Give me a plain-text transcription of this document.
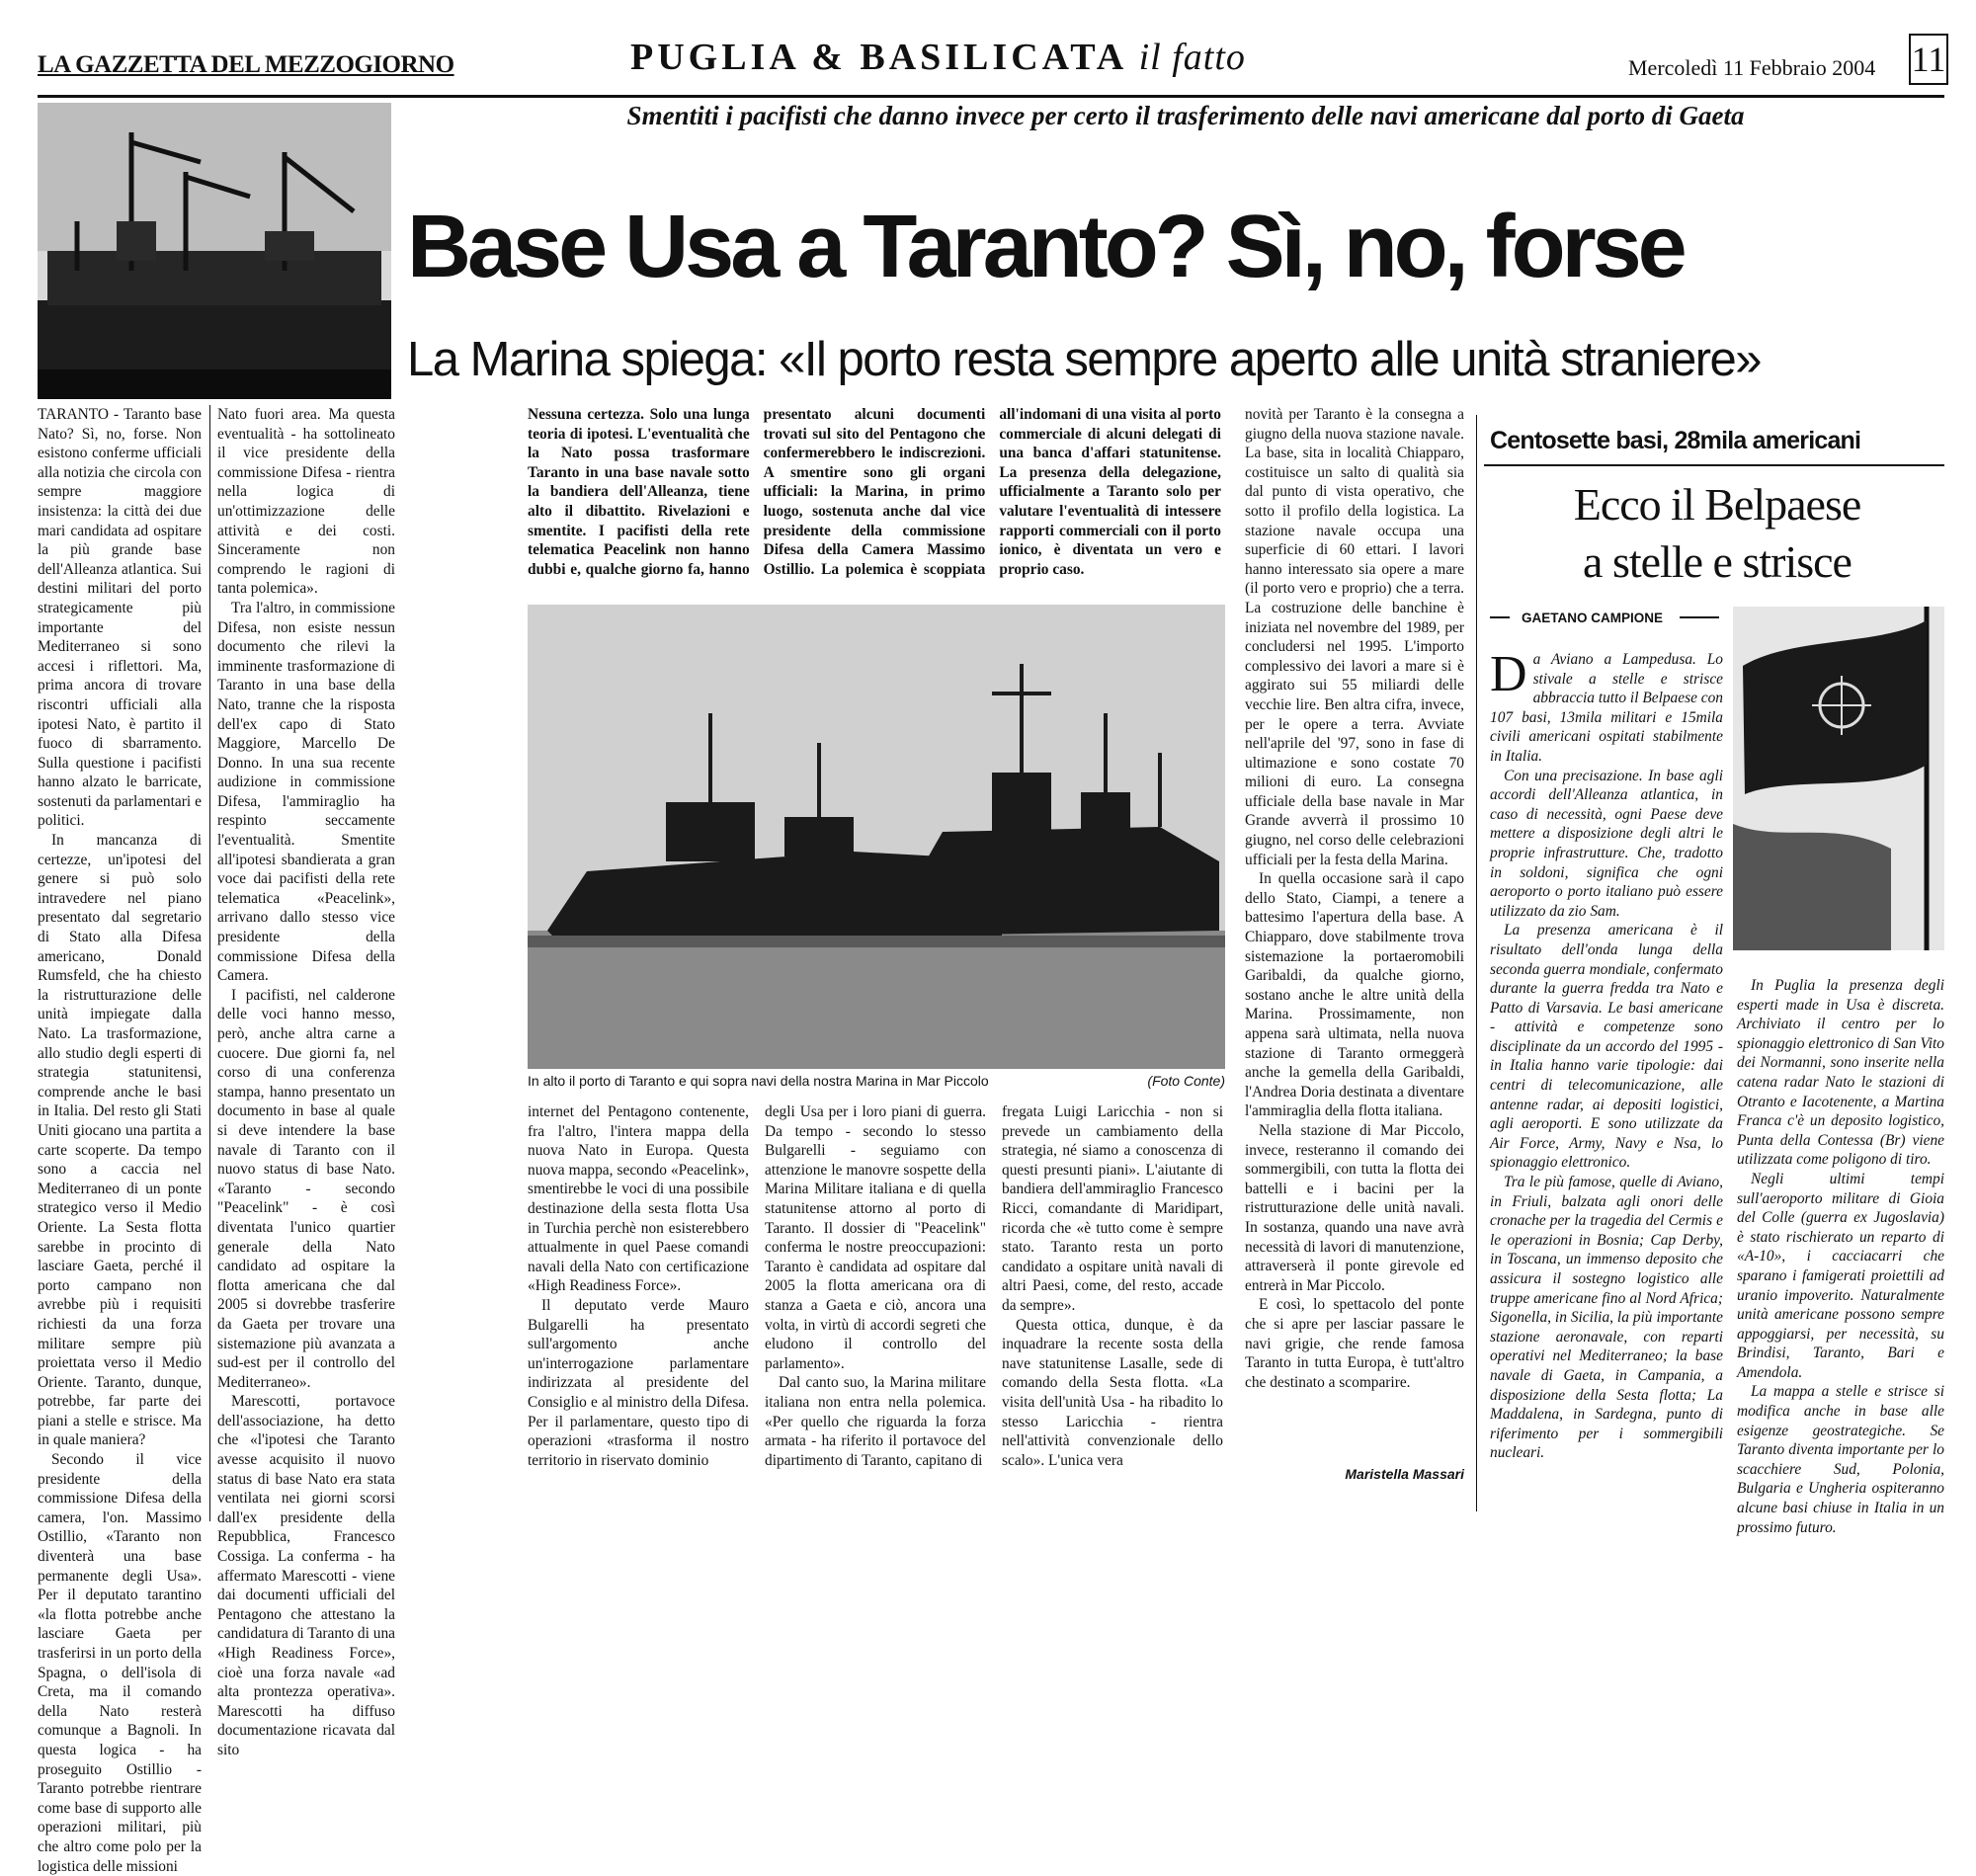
LA GAZZETTA DEL MEZZOGIORNO	PUGLIA & BASILICATA il fatto	Mercoledì 11 Febbraio 2004 11
Smentiti i pacifisti che danno invece per certo il trasferimento delle navi americane dal porto di Gaeta
Base Usa a Taranto? Sì, no, forse
La Marina spiega: «Il porto resta sempre aperto alle unità straniere»

TARANTO - Taranto base Nato? Sì, no, forse. Non esistono conferme ufficiali alla notizia che circola con sempre maggiore insistenza: la città dei due mari candidata ad ospitare la più grande base dell'Alleanza atlantica. Sui destini militari del porto strategicamente più importante del Mediterraneo si sono accesi i riflettori. Ma, prima ancora di trovare riscontri ufficiali alla ipotesi Nato, è partito il fuoco di sbarramento. Sulla questione i pacifisti hanno alzato le barricate, sostenuti da parlamentari e politici.

In mancanza di certezze, un'ipotesi del genere si può solo intravedere nel piano presentato dal segretario di Stato alla Difesa americano, Donald Rumsfeld, che ha chiesto la ristrutturazione delle unità impiegate dalla Nato. La trasformazione, allo studio degli esperti di strategia statunitensi, comprende anche le basi in Italia. Del resto gli Stati Uniti giocano una partita a carte scoperte. Da tempo sono a caccia nel Mediterraneo di un ponte strategico verso il Medio Oriente. La Sesta flotta sarebbe in procinto di lasciare Gaeta, perché il porto campano non avrebbe più i requisiti richiesti da una forza militare sempre più proiettata verso il Medio Oriente. Taranto, dunque, potrebbe, far parte dei piani a stelle e strisce. Ma in quale maniera?

Secondo il vice presidente della commissione Difesa della camera, l'on. Massimo Ostillio, «Taranto non diventerà una base permanente degli Usa». Per il deputato tarantino «la flotta potrebbe anche lasciare Gaeta per trasferirsi in un porto della Spagna, o dell'isola di Creta, ma il comando della Nato resterà comunque a Bagnoli. In questa logica - ha proseguito Ostillio - Taranto potrebbe rientrare come base di supporto alle operazioni militari, più che altro come polo per la logistica delle missioni

Nato fuori area. Ma questa eventualità - ha sottolineato il vice presidente della commissione Difesa - rientra nella logica di un'ottimizzazione delle attività e dei costi. Sinceramente non comprendo le ragioni di tanta polemica».

Tra l'altro, in commissione Difesa, non esiste nessun documento che rilevi la imminente trasformazione di Taranto in una base della Nato, tranne che la risposta dell'ex capo di Stato Maggiore, Marcello De Donno. In una sua recente audizione in commissione Difesa, l'ammiraglio ha respinto seccamente l'eventualità. Smentite all'ipotesi sbandierata a gran voce dai pacifisti della rete telematica «Peacelink», arrivano dallo stesso vice presidente della commissione Difesa della Camera.

I pacifisti, nel calderone delle voci hanno messo, però, anche altra carne a cuocere. Due giorni fa, nel corso di una conferenza stampa, hanno presentato un documento in base al quale si deve intendere la base navale di Taranto con il nuovo status di base Nato. «Taranto - secondo "Peacelink" - è così diventata l'unico quartier generale della Nato candidato ad ospitare la flotta americana che dal 2005 si dovrebbe trasferire da Gaeta per trovare una sistemazione più avanzata a sud-est per il controllo del Mediterraneo».

Marescotti, portavoce dell'associazione, ha detto che «l'ipotesi che Taranto avesse acquisito il nuovo status di base Nato era stata ventilata nei giorni scorsi dall'ex presidente della Repubblica, Francesco Cossiga. La conferma - ha affermato Marescotti - viene dai documenti ufficiali del Pentagono che attestano la candidatura di Taranto di una «High Readiness Force», cioè una forza navale «ad alta prontezza operativa». Marescotti ha diffuso documentazione ricavata dal sito

Nessuna certezza. Solo una lunga teoria di ipotesi. L'eventualità che la Nato possa trasformare Taranto in una base navale sotto la bandiera dell'Alleanza, tiene alto il dibattito. Rivelazioni e smentite. I pacifisti della rete telematica Peacelink non hanno dubbi e, qualche giorno fa, hanno presentato alcuni documenti trovati sul sito del Pentagono che confermerebbero le indiscrezioni. A smentire sono gli organi ufficiali: la Marina, in primo luogo, sostenuta anche dal vice presidente della commissione Difesa della Camera Massimo Ostillio. La polemica è scoppiata all'indomani di una visita al porto commerciale di alcuni delegati di una banca d'affari statunitense. La presenza della delegazione, ufficialmente a Taranto solo per valutare l'eventualità di intessere rapporti commerciali con il porto ionico, è diventata un vero e proprio caso.

In alto il porto di Taranto e qui sopra navi della nostra Marina in Mar Piccolo	(Foto Conte)

internet del Pentagono contenente, fra l'altro, l'intera mappa della nuova Nato in Europa. Questa nuova mappa, secondo «Peacelink», smentirebbe le voci di una possibile destinazione della sesta flotta Usa in Turchia perchè non esisterebbero attualmente in quel Paese comandi navali della Nato con certificazione «High Readiness Force».

Il deputato verde Mauro Bulgarelli ha presentato sull'argomento anche un'interrogazione parlamentare indirizzata al presidente del Consiglio e al ministro della Difesa. Per il parlamentare, questo tipo di operazioni «trasforma il nostro territorio in riservato dominio

degli Usa per i loro piani di guerra. Da tempo - secondo lo stesso Bulgarelli - seguiamo con attenzione le manovre sospette della Marina Militare italiana e di quella statunitense attorno al porto di Taranto. Il dossier di "Peacelink" conferma le nostre preoccupazioni: Taranto è candidata ad ospitare dal 2005 la flotta americana ora di stanza a Gaeta e ciò, ancora una volta, in virtù di accordi segreti che eludono il controllo del parlamento».

Dal canto suo, la Marina militare italiana non entra nella polemica. «Per quello che riguarda la forza armata - ha riferito il portavoce del dipartimento di Taranto, capitano di

fregata Luigi Laricchia - non si prevede un cambiamento della strategia, né siamo a conoscenza di questi presunti piani». L'aiutante di bandiera dell'ammiraglio Francesco Ricci, comandante di Maridipart, ricorda che «è tutto come è sempre stato. Taranto resta un porto candidato a ospitare unità navali di altri Paesi, come, del resto, accade da sempre».

Questa ottica, dunque, è da inquadrare la recente sosta della nave statunitense Lasalle, sede di comando della Sesta flotta. «La visita dell'unità Usa - ha ribadito lo stesso Laricchia - rientra nell'attività convenzionale dello scalo». L'unica vera

novità per Taranto è la consegna a giugno della nuova stazione navale. La base, sita in località Chiapparo, costituisce un salto di qualità sia dal punto di vista operativo, che sotto il profilo della logistica. La stazione navale occupa una superficie di 60 ettari. I lavori hanno interessato sia opere a mare (il porto vero e proprio) che a terra. La costruzione delle banchine è iniziata nel novembre del 1989, per concludersi nel 1995. L'importo complessivo dei lavori a mare si è aggirato sui 55 miliardi delle vecchie lire. Ben altra cifra, invece, per le opere a terra. Avviate nell'aprile del '97, sono in fase di ultimazione e sono costate 70 milioni di euro. La consegna ufficiale della base navale in Mar Grande avverrà il prossimo 10 giugno, nel corso delle celebrazioni ufficiali per la festa della Marina.

In quella occasione sarà il capo dello Stato, Ciampi, a tenere a battesimo l'apertura della base. A Chiapparo, dove stabilmente trova sistemazione la portaeromobili Garibaldi, da qualche giorno, sostano anche le altre unità della Marina. Prossimamente, non appena sarà ultimata, nella nuova stazione di Taranto ormeggerà anche la gemella della Garibaldi, l'Andrea Doria destinata a diventare l'ammiraglia della flotta italiana.

Nella stazione di Mar Piccolo, invece, resteranno il comando dei sommergibili, con tutta la flotta dei battelli e i bacini per la ristrutturazione delle unità navali. In sostanza, quando una nave avrà necessità di lavori di manutenzione, attraverserà il ponte girevole ed entrerà in Mar Piccolo.

E così, lo spettacolo del ponte che si apre per lasciar passare le navi grigie, che rende famosa Taranto in tutta Europa, è tutt'altro che destinato a scomparire.

Maristella Massari
Centosette basi, 28mila americani
Ecco il Belpaese
a stelle e strisce
GAETANO CAMPIONE

Da Aviano a Lampedusa. Lo stivale a stelle e strisce abbraccia tutto il Belpaese con 107 basi, 13mila militari e 15mila civili americani ospitati stabilmente in Italia.

Con una precisazione. In base agli accordi dell'Alleanza atlantica, in caso di necessità, ogni Paese deve mettere a disposizione degli altri le proprie infrastrutture. Che, tradotto in soldoni, significa che ogni aeroporto o porto italiano può essere utilizzato da zio Sam.

La presenza americana è il risultato dell'onda lunga della seconda guerra mondiale, confermato durante la guerra fredda tra Nato e Patto di Varsavia. Le basi americane - attività e competenze sono disciplinate da un accordo del 1995 - in Italia hanno varie tipologie: dai centri di telecomunicazione, alle antenne radar, ai depositi logistici, agli aeroporti. E sono utilizzate da Air Force, Army, Navy e Nsa, lo spionaggio elettronico.

Tra le più famose, quelle di Aviano, in Friuli, balzata agli onori delle cronache per la tragedia del Cermis e le operazioni in Bosnia; Cap Derby, in Toscana, un immenso deposito che assicura il sostegno logistico alle truppe americane fino al Nord Africa; Sigonella, in Sicilia, la più importante stazione aeronavale, con reparti operativi nel Mediterraneo; la base navale di Gaeta, in Campania, a disposizione della Sesta flotta; La Maddalena, in Sardegna, punto di riferimento per i sommergibili nucleari.

In Puglia la presenza degli esperti made in Usa è discreta. Archiviato il centro per lo spionaggio elettronico di San Vito dei Normanni, sono inserite nella catena radar Nato le stazioni di Otranto e Iacotenente, a Martina Franca c'è un deposito logistico, Punta della Contessa (Br) viene utilizzata come poligono di tiro.

Negli ultimi tempi sull'aeroporto militare di Gioia del Colle (guerra ex Jugoslavia) è stato rischierato un reparto di «A-10», i cacciacarri che sparano i famigerati proiettili ad uranio impoverito. Naturalmente unità americane possono sempre appoggiarsi, per necessità, su Brindisi, Taranto, Bari e Amendola.

La mappa a stelle e strisce si modifica anche in base alle esigenze geostrategiche. Se Taranto diventa importante per lo scacchiere Sud, Polonia, Bulgaria e Ungheria ospiteranno alcune basi chiuse in Italia in un prossimo futuro.
